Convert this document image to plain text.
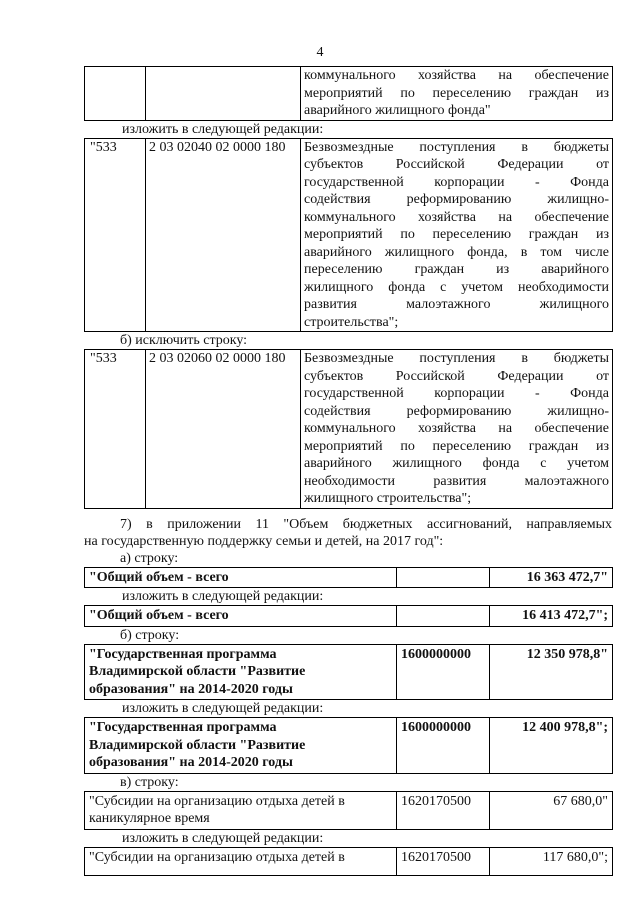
4

коммунального хозяйства на обеспечение
мероприятий по переселению граждан из
аварийного жилищного фонда"
изложить в следующей редакции:
"533	2 03 02040 02 0000 180	Безвозмездные поступления в бюджеты
субъектов Российской Федерации от
государственной корпорации - Фонда
содействия реформированию жилищно-
коммунального хозяйства на обеспечение
мероприятий по переселению граждан из
аварийного жилищного фонда, в том числе
переселению граждан из аварийного
жилищного фонда с учетом необходимости
развития малоэтажного жилищного
строительства";
б) исключить строку:
"533	2 03 02060 02 0000 180	Безвозмездные поступления в бюджеты
субъектов Российской Федерации от
государственной корпорации - Фонда
содействия реформированию жилищно-
коммунального хозяйства на обеспечение
мероприятий по переселению граждан из
аварийного жилищного фонда с учетом
необходимости развития малоэтажного
жилищного строительства";
7) в приложении 11 "Объем бюджетных ассигнований, направляемых
на государственную поддержку семьи и детей, на 2017 год":
а) строку:
"Общий объем - всего		16 363 472,7"
изложить в следующей редакции:
"Общий объем - всего		16 413 472,7";
б) строку:
"Государственная программа
Владимирской области "Развитие
образования" на 2014-2020 годы
	1600000000	12 350 978,8"
изложить в следующей редакции:
"Государственная программа
Владимирской области "Развитие
образования" на 2014-2020 годы
	1600000000	12 400 978,8";
в) строку:
"Субсидии на организацию отдыха детей в
каникулярное время
	1620170500	67 680,0"
изложить в следующей редакции:
"Субсидии на организацию отдыха детей в	1620170500	117 680,0";
